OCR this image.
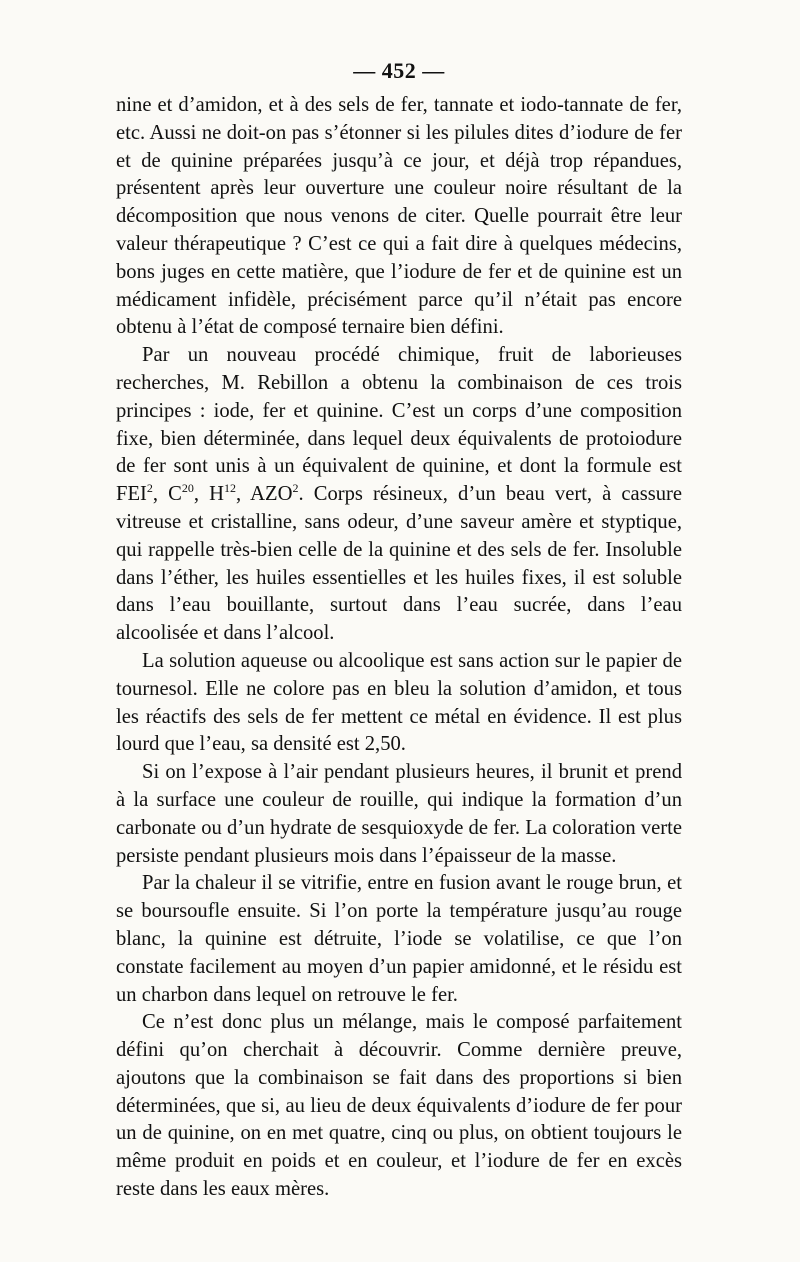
— 452 —

nine et d’amidon, et à des sels de fer, tannate et iodo-tannate de fer, etc. Aussi ne doit-on pas s’étonner si les pilules dites d’iodure de fer et de quinine préparées jusqu’à ce jour, et déjà trop répandues, présentent après leur ouverture une couleur noire résultant de la décomposition que nous venons de citer. Quelle pourrait être leur valeur thérapeutique ? C’est ce qui a fait dire à quelques médecins, bons juges en cette matière, que l’iodure de fer et de quinine est un médicament infidèle, précisément parce qu’il n’était pas encore obtenu à l’état de composé ternaire bien défini.

Par un nouveau procédé chimique, fruit de laborieuses recherches, M. Rebillon a obtenu la combinaison de ces trois principes : iode, fer et quinine. C’est un corps d’une composition fixe, bien déterminée, dans lequel deux équivalents de protoiodure de fer sont unis à un équivalent de quinine, et dont la formule est FEI$^2$, $C^{20}$, $H^{12}$, AZO$^2$. Corps résineux, d’un beau vert, à cassure vitreuse et cristalline, sans odeur, d’une saveur amère et styptique, qui rappelle très-bien celle de la quinine et des sels de fer. Insoluble dans l’éther, les huiles essentielles et les huiles fixes, il est soluble dans l’eau bouillante, surtout dans l’eau sucrée, dans l’eau alcoolisée et dans l’alcool.

La solution aqueuse ou alcoolique est sans action sur le papier de tournesol. Elle ne colore pas en bleu la solution d’amidon, et tous les réactifs des sels de fer mettent ce métal en évidence. Il est plus lourd que l’eau, sa densité est 2,50.

Si on l’expose à l’air pendant plusieurs heures, il brunit et prend à la surface une couleur de rouille, qui indique la formation d’un carbonate ou d’un hydrate de sesquioxyde de fer. La coloration verte persiste pendant plusieurs mois dans l’épaisseur de la masse.

Par la chaleur il se vitrifie, entre en fusion avant le rouge brun, et se boursoufle ensuite. Si l’on porte la température jusqu’au rouge blanc, la quinine est détruite, l’iode se volatilise, ce que l’on constate facilement au moyen d’un papier amidonné, et le résidu est un charbon dans lequel on retrouve le fer.

Ce n’est donc plus un mélange, mais le composé parfaitement défini qu’on cherchait à découvrir. Comme dernière preuve, ajoutons que la combinaison se fait dans des proportions si bien déterminées, que si, au lieu de deux équivalents d’iodure de fer pour un de quinine, on en met quatre, cinq ou plus, on obtient toujours le même produit en poids et en couleur, et l’iodure de fer en excès reste dans les eaux mères.
